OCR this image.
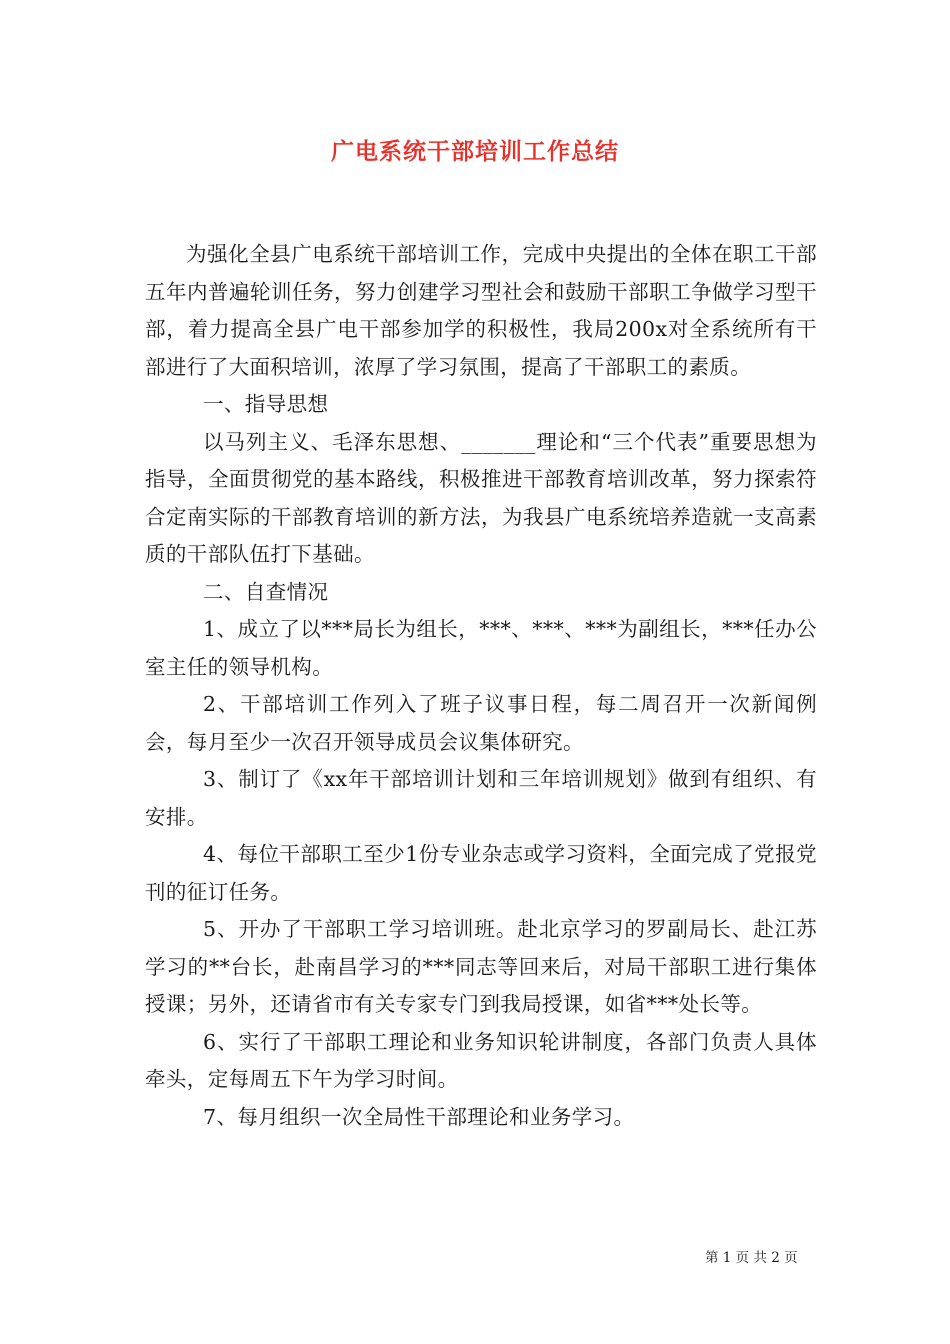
广电系统干部培训工作总结

为强化全县广电系统干部培训工作，完成中央提出的全体在职工干部五年内普遍轮训任务，努力创建学习型社会和鼓励干部职工争做学习型干部，着力提高全县广电干部参加学的积极性，我局200x对全系统所有干部进行了大面积培训，浓厚了学习氛围，提高了干部职工的素质。

一、指导思想

以马列主义、毛泽东思想、_______理论和“三个代表”重要思想为指导，全面贯彻党的基本路线，积极推进干部教育培训改革，努力探索符合定南实际的干部教育培训的新方法，为我县广电系统培养造就一支高素质的干部队伍打下基础。

二、自查情况

1、成立了以***局长为组长，***、***、***为副组长，***任办公室主任的领导机构。

2、干部培训工作列入了班子议事日程，每二周召开一次新闻例会，每月至少一次召开领导成员会议集体研究。

3、制订了《xx年干部培训计划和三年培训规划》做到有组织、有安排。

4、每位干部职工至少1份专业杂志或学习资料，全面完成了党报党刊的征订任务。

5、开办了干部职工学习培训班。赴北京学习的罗副局长、赴江苏学习的**台长，赴南昌学习的***同志等回来后，对局干部职工进行集体授课；另外，还请省市有关专家专门到我局授课，如省***处长等。

6、实行了干部职工理论和业务知识轮讲制度，各部门负责人具体牵头，定每周五下午为学习时间。

7、每月组织一次全局性干部理论和业务学习。

第 1 页 共 2 页
